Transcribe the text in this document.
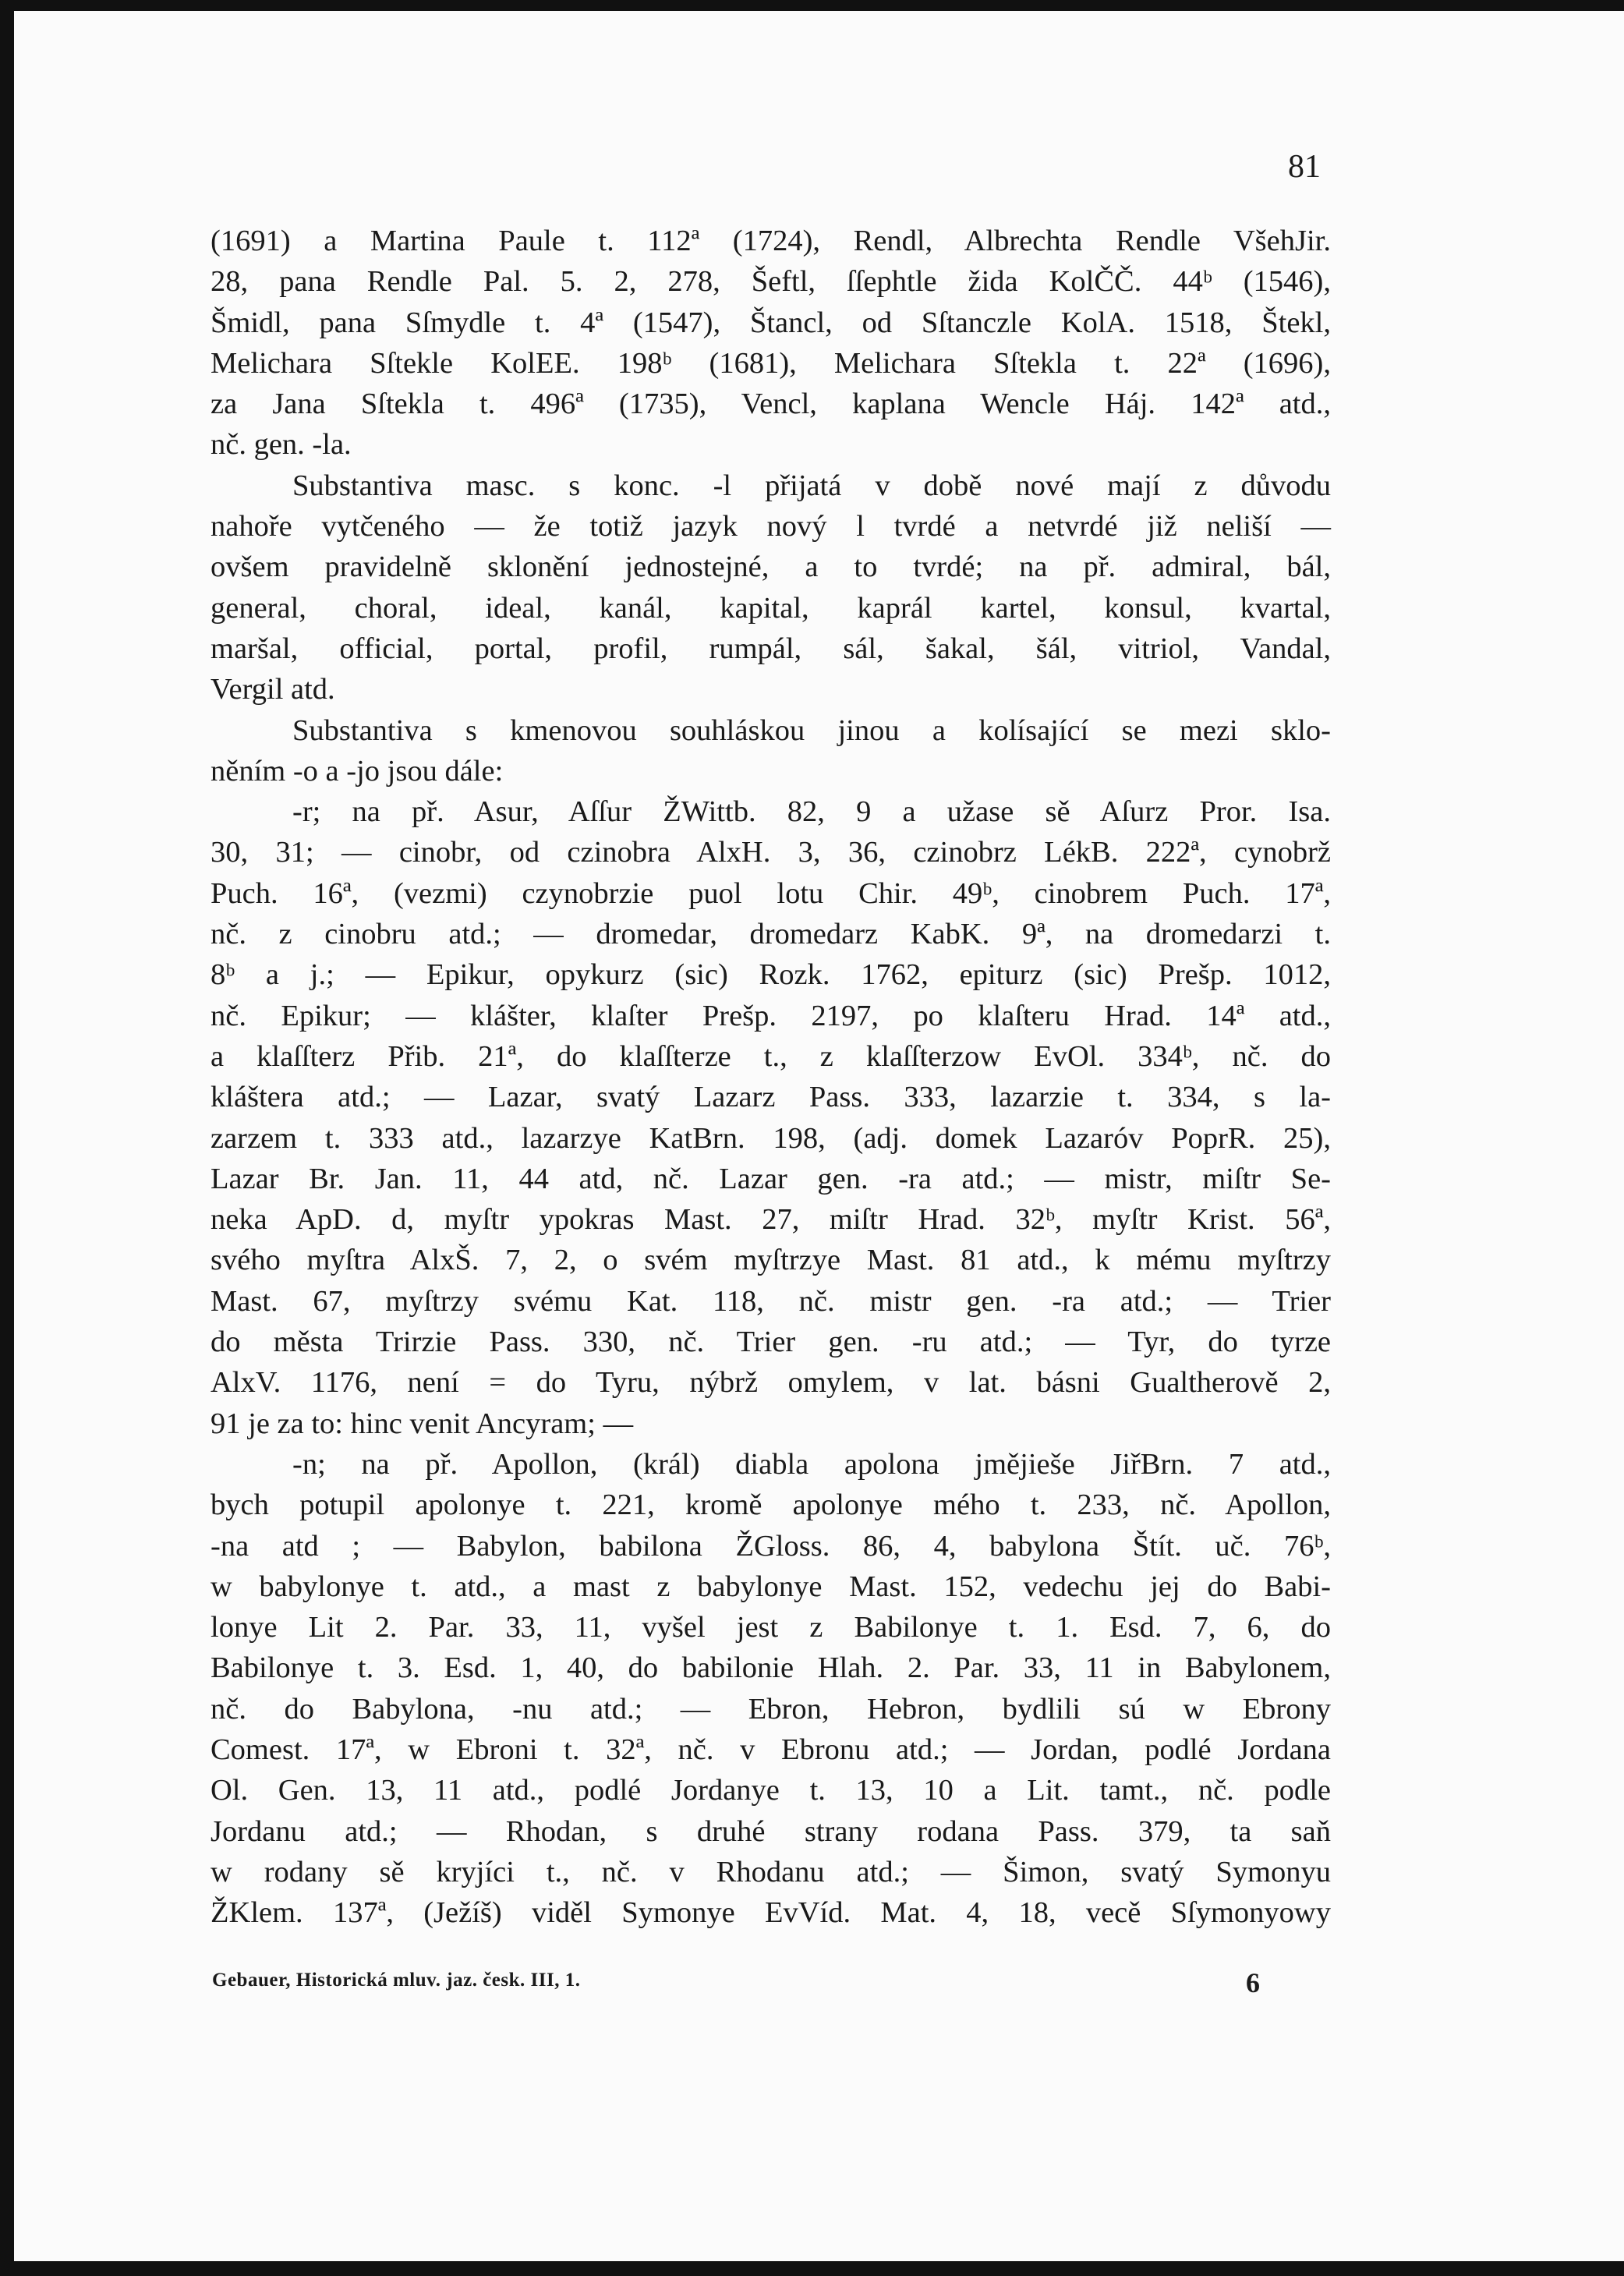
81
(1691) a Martina Paule t. 112ª (1724), Rendl, Albrechta Rendle VšehJir.
28, pana Rendle Pal. 5. 2, 278, Šeftl, ſſephtle žida KolČČ. 44ᵇ (1546),
Šmidl, pana Sſmydle t. 4ª (1547), Štancl, od Sſtanczle KolA. 1518, Štekl,
Melichara Sſtekle KolEE. 198ᵇ (1681), Melichara Sſtekla t. 22ª (1696),
za Jana Sſtekla t. 496ª (1735), Vencl, kaplana Wencle Háj. 142ª atd.,
nč. gen. -la.
Substantiva masc. s konc. -l přijatá v době nové mají z důvodu
nahoře vytčeného — že totiž jazyk nový l tvrdé a netvrdé již neliší —
ovšem pravidelně sklonění jednostejné, a to tvrdé; na př. admiral, bál,
general, choral, ideal, kanál, kapital, kaprál kartel, konsul, kvartal,
maršal, official, portal, profil, rumpál, sál, šakal, šál, vitriol, Vandal,
Vergil atd.
Substantiva s kmenovou souhláskou jinou a kolísající se mezi sklo-
něním -o a -jo jsou dále:
-r; na př. Asur, Aſſur ŽWittb. 82, 9 a užase sě Aſurz Pror. Isa.
30, 31; — cinobr, od czinobra AlxH. 3, 36, czinobrz LékB. 222ª, cynobrž
Puch. 16ª, (vezmi) czynobrzie puol lotu Chir. 49ᵇ, cinobrem Puch. 17ª,
nč. z cinobru atd.; — dromedar, dromedarz KabK. 9ª, na dromedarzi t.
8ᵇ a j.; — Epikur, opykurz (sic) Rozk. 1762, epiturz (sic) Prešp. 1012,
nč. Epikur; — klášter, klaſter Prešp. 2197, po klaſteru Hrad. 14ª atd.,
a klaſſterz Přib. 21ª, do klaſſterze t., z klaſſterzow EvOl. 334ᵇ, nč. do
kláštera atd.; — Lazar, svatý Lazarz Pass. 333, lazarzie t. 334, s la-
zarzem t. 333 atd., lazarzye KatBrn. 198, (adj. domek Lazaróv PoprR. 25),
Lazar Br. Jan. 11, 44 atd, nč. Lazar gen. -ra atd.; — mistr, miſtr Se-
neka ApD. d, myſtr ypokras Mast. 27, miſtr Hrad. 32ᵇ, myſtr Krist. 56ª,
svého myſtra AlxŠ. 7, 2, o svém myſtrzye Mast. 81 atd., k mému myſtrzy
Mast. 67, myſtrzy svému Kat. 118, nč. mistr gen. -ra atd.; — Trier
do města Trirzie Pass. 330, nč. Trier gen. -ru atd.; — Tyr, do tyrze
AlxV. 1176, není = do Tyru, nýbrž omylem, v lat. básni Gualtherově 2,
91 je za to: hinc venit Ancyram; —
-n; na př. Apollon, (král) diabla apolona jmějieše JiřBrn. 7 atd.,
bych potupil apolonye t. 221, kromě apolonye mého t. 233, nč. Apollon,
-na atd ; — Babylon, babilona ŽGloss. 86, 4, babylona Štít. uč. 76ᵇ,
w babylonye t. atd., a mast z babylonye Mast. 152, vedechu jej do Babi-
lonye Lit 2. Par. 33, 11, vyšel jest z Babilonye t. 1. Esd. 7, 6, do
Babilonye t. 3. Esd. 1, 40, do babilonie Hlah. 2. Par. 33, 11 in Babylonem,
nč. do Babylona, -nu atd.; — Ebron, Hebron, bydlili sú w Ebrony
Comest. 17ª, w Ebroni t. 32ª, nč. v Ebronu atd.; — Jordan, podlé Jordana
Ol. Gen. 13, 11 atd., podlé Jordanye t. 13, 10 a Lit. tamt., nč. podle
Jordanu atd.; — Rhodan, s druhé strany rodana Pass. 379, ta saň
w rodany sě kryjíci t., nč. v Rhodanu atd.; — Šimon, svatý Symonyu
ŽKlem. 137ª, (Ježíš) viděl Symonye EvVíd. Mat. 4, 18, vecě Sſymonyowy
Gebauer, Historická mluv. jaz. česk. III, 1.	6
